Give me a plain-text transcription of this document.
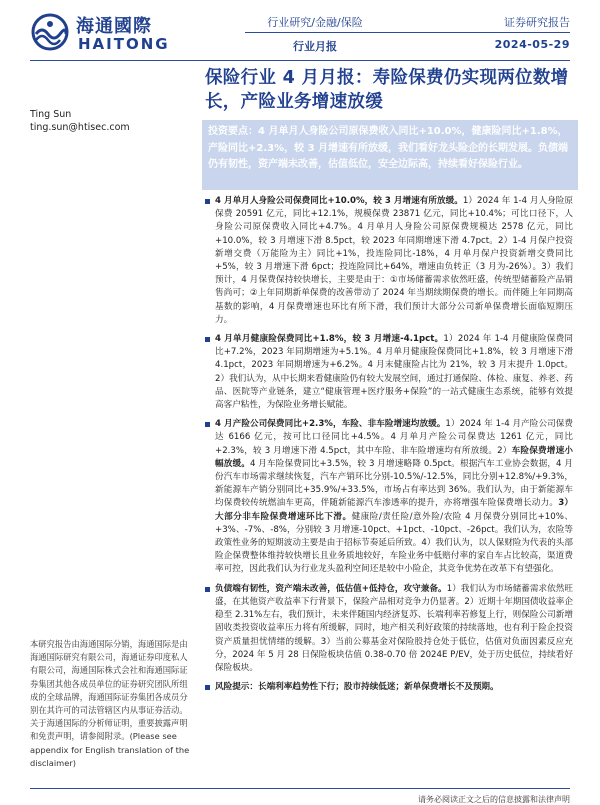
海通國際
HAITONG
行业研究/金融/保险
行业月报
证券研究报告
2024-05-29
保险行业 4 月月报：寿险保费仍实现两位数增长，产险业务增速放缓
Ting Sun
ting.sun@htisec.com	投资要点：4 月单月人身险公司原保费收入同比+10.0%，健康险同比+1.8%，产险同比+2.3%，较 3 月增速有所放缓，我们看好龙头险企的长期发展。负债端仍有韧性，资产端未改善，估值低位，安全边际高，持续看好保险行业。

4 月单月人身险公司保费同比+10.0%，较 3 月增速有所放缓。1）2024 年 1-4 月人身险原保费 20591 亿元，同比+12.1%，规模保费 23871 亿元，同比+10.4%；可比口径下，人身险公司原保费收入同比+4.7%。4 月单月人身险公司原保费规模达 2578 亿元，同比+10.0%，较 3 月增速下滑 8.5pct，较 2023 年同期增速下滑 4.7pct。2）1-4 月保户投资新增交费（万能险为主）同比+1%，投连险同比-18%，4 月单月保户投资新增交费同比+5%，较 3 月增速下滑 6pct；投连险同比+64%，增速由负转正（3 月为-26%）。3）我们预计，4 月保费保持较快增长，主要是由于：①市场储蓄需求依然旺盛，传统型储蓄险产品销售尚可；②上年同期新单保费的改善带动了 2024 年当期续期保费的增长。而伴随上年同期高基数的影响，4 月保费增速也环比有所下滑，我们预计大部分公司新单保费增长面临短期压力。

4 月单月健康险保费同比+1.8%，较 3 月增速-4.1pct。1）2024 年 1-4 月健康险保费同比+7.2%，2023 年同期增速为+5.1%。4 月单月健康险保费同比+1.8%，较 3 月增速下滑 4.1pct，2023 年同期增速为+6.2%。4 月末健康险占比为 21%，较 3 月末提升 1.0pct。2）我们认为，从中长期来看健康险仍有较大发展空间，通过打通保险、体检、康复、养老、药品、医院等产业链条，建立“健康管理+医疗服务+保险”的一站式健康生态系统，能够有效提高客户粘性，为保险业务增长赋能。

4 月产险公司保费同比+2.3%，车险、非车险增速均放缓。1）2024 年 1-4 月产险公司保费达 6166 亿元，按可比口径同比+4.5%。4 月单月产险公司保费达 1261 亿元，同比+2.3%，较 3 月增速下滑 4.5pct，其中车险、非车险增速均有所放缓。2）车险保费增速小幅放缓。4 月车险保费同比+3.5%，较 3 月增速略降 0.5pct。根据汽车工业协会数据，4 月份汽车市场需求继续恢复，汽车产销环比分别-10.5%/-12.5%，同比分别+12.8%/+9.3%，新能源车产销分别同比+35.9%/+33.5%，市场占有率达到 36%。我们认为，由于新能源车均保费较传统燃油车更高，伴随新能源汽车渗透率的提升，亦将增强车险保费增长动力。3）大部分非车险保费增速环比下滑。健康险/责任险/意外险/农险 4 月保费分别同比+10%、+3%、-7%、-8%，分别较 3 月增速-10pct、+1pct、-10pct、-26pct。我们认为，农险等政策性业务的短期波动主要是由于招标节奏延后所致。4）我们认为，以人保财险为代表的头部险企保费整体维持较快增长且业务质地较好，车险业务中低赔付率的家自车占比较高，渠道费率可控，因此我们认为行业龙头盈利空间还是较中小险企，其竞争优势在改革下有望强化。

负债端有韧性，资产端未改善，低估值+低持仓，攻守兼备。1）我们认为市场储蓄需求依然旺盛，在其他资产收益率下行背景下，保险产品相对竞争力仍显著。2）近期十年期国债收益率企稳至 2.31%左右，我们预计，未来伴随国内经济复苏、长端利率若修复上行，则保险公司新增固收类投资收益率压力将有所缓解，同时，地产相关利好政策的持续落地，也有利于险企投资资产质量担忧情绪的缓解。3）当前公募基金对保险股持仓处于低位，估值对负面因素反应充分，2024 年 5 月 28 日保险板块估值 0.38-0.70 倍 2024E P/EV，处于历史低位，持续看好保险板块。

风险提示：长端利率趋势性下行；股市持续低迷；新单保费增长不及预期。

本研究报告由海通国际分销，海通国际是由海通国际研究有限公司，海通证券印度私人有限公司，海通国际株式会社和海通国际证券集团其他各成员单位的证券研究团队所组成的全球品牌，海通国际证券集团各成员分别在其许可的司法管辖区内从事证券活动。关于海通国际的分析师证明，重要披露声明和免责声明，请参阅附录。(Please see appendix for English translation of the disclaimer)
请务必阅读正文之后的信息披露和法律声明
